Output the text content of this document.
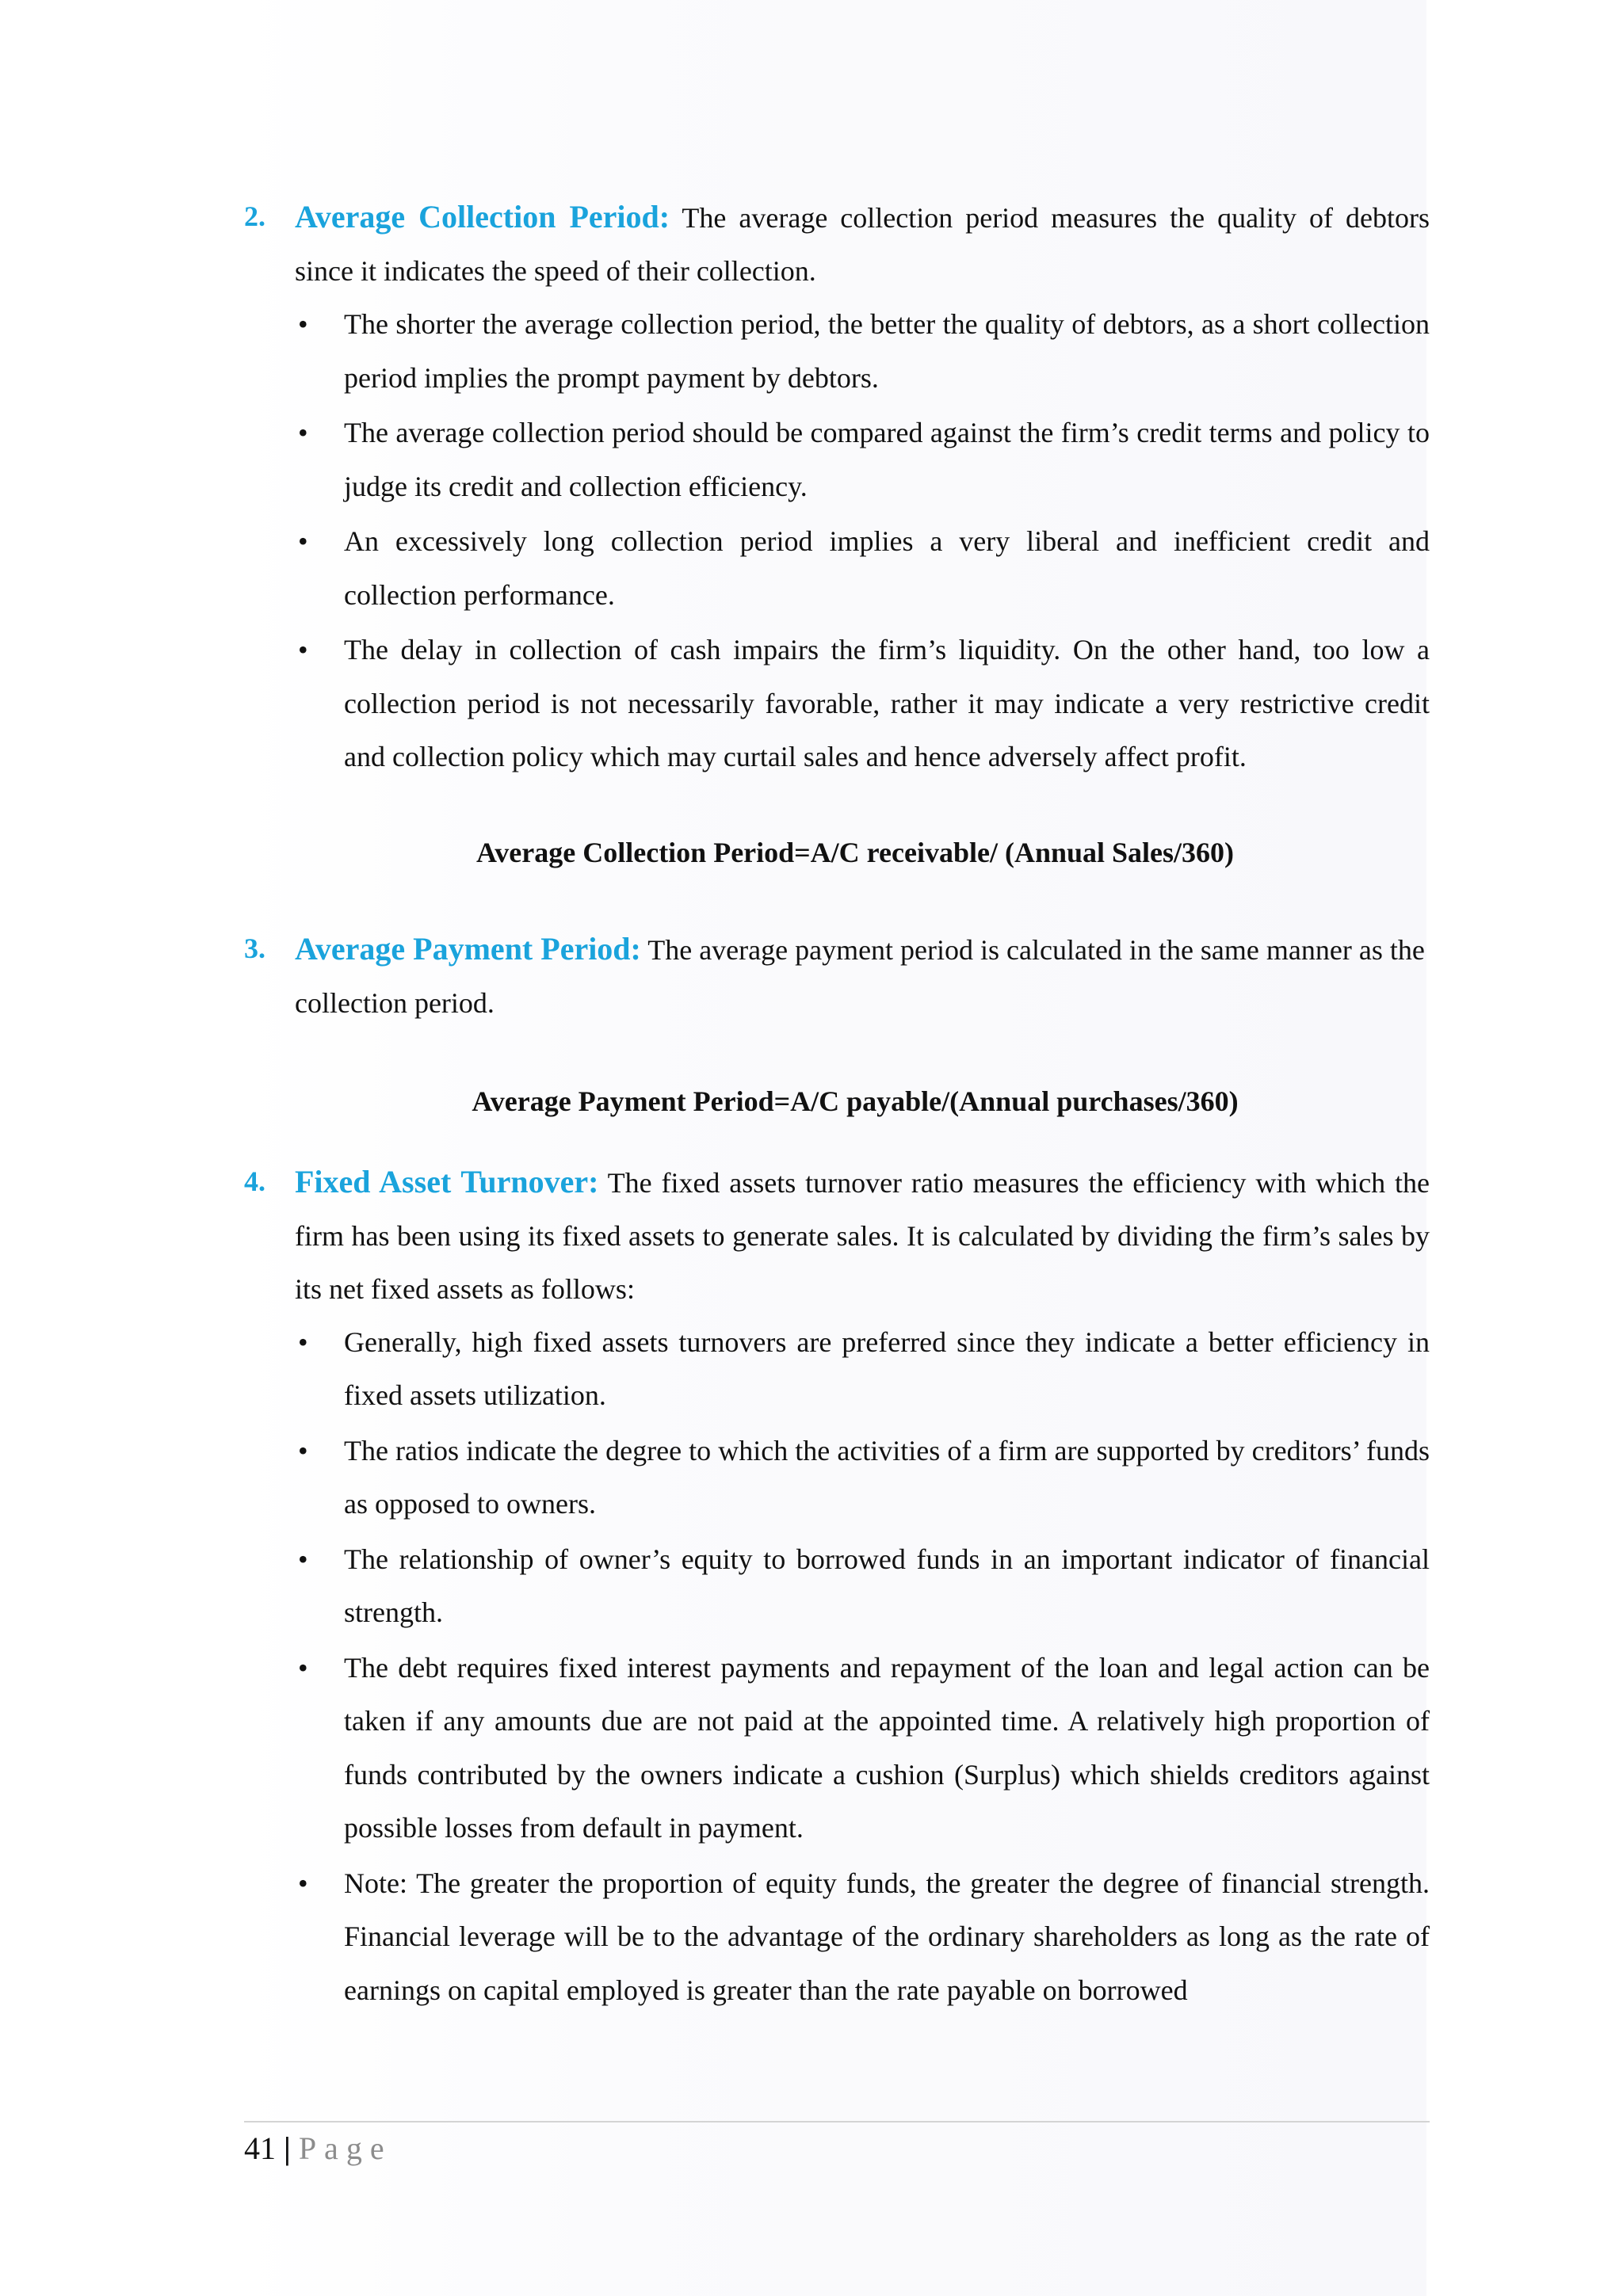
2. Average Collection Period: The average collection period measures the quality of debtors since it indicates the speed of their collection.
• The shorter the average collection period, the better the quality of debtors, as a short collection period implies the prompt payment by debtors.
• The average collection period should be compared against the firm’s credit terms and policy to judge its credit and collection efficiency.
• An excessively long collection period implies a very liberal and inefficient credit and collection performance.
• The delay in collection of cash impairs the firm’s liquidity. On the other hand, too low a collection period is not necessarily favorable, rather it may indicate a very restrictive credit and collection policy which may curtail sales and hence adversely affect profit.
Average Collection Period=A/C receivable/ (Annual Sales/360)
3. Average Payment Period: The average payment period is calculated in the same manner as the collection period.
Average Payment Period=A/C payable/(Annual purchases/360)
4. Fixed Asset Turnover: The fixed assets turnover ratio measures the efficiency with which the firm has been using its fixed assets to generate sales. It is calculated by dividing the firm’s sales by its net fixed assets as follows:
• Generally, high fixed assets turnovers are preferred since they indicate a better efficiency in fixed assets utilization.
• The ratios indicate the degree to which the activities of a firm are supported by creditors’ funds as opposed to owners.
• The relationship of owner’s equity to borrowed funds in an important indicator of financial strength.
• The debt requires fixed interest payments and repayment of the loan and legal action can be taken if any amounts due are not paid at the appointed time. A relatively high proportion of funds contributed by the owners indicate a cushion (Surplus) which shields creditors against possible losses from default in payment.
• Note: The greater the proportion of equity funds, the greater the degree of financial strength. Financial leverage will be to the advantage of the ordinary shareholders as long as the rate of earnings on capital employed is greater than the rate payable on borrowed
41 | Page
